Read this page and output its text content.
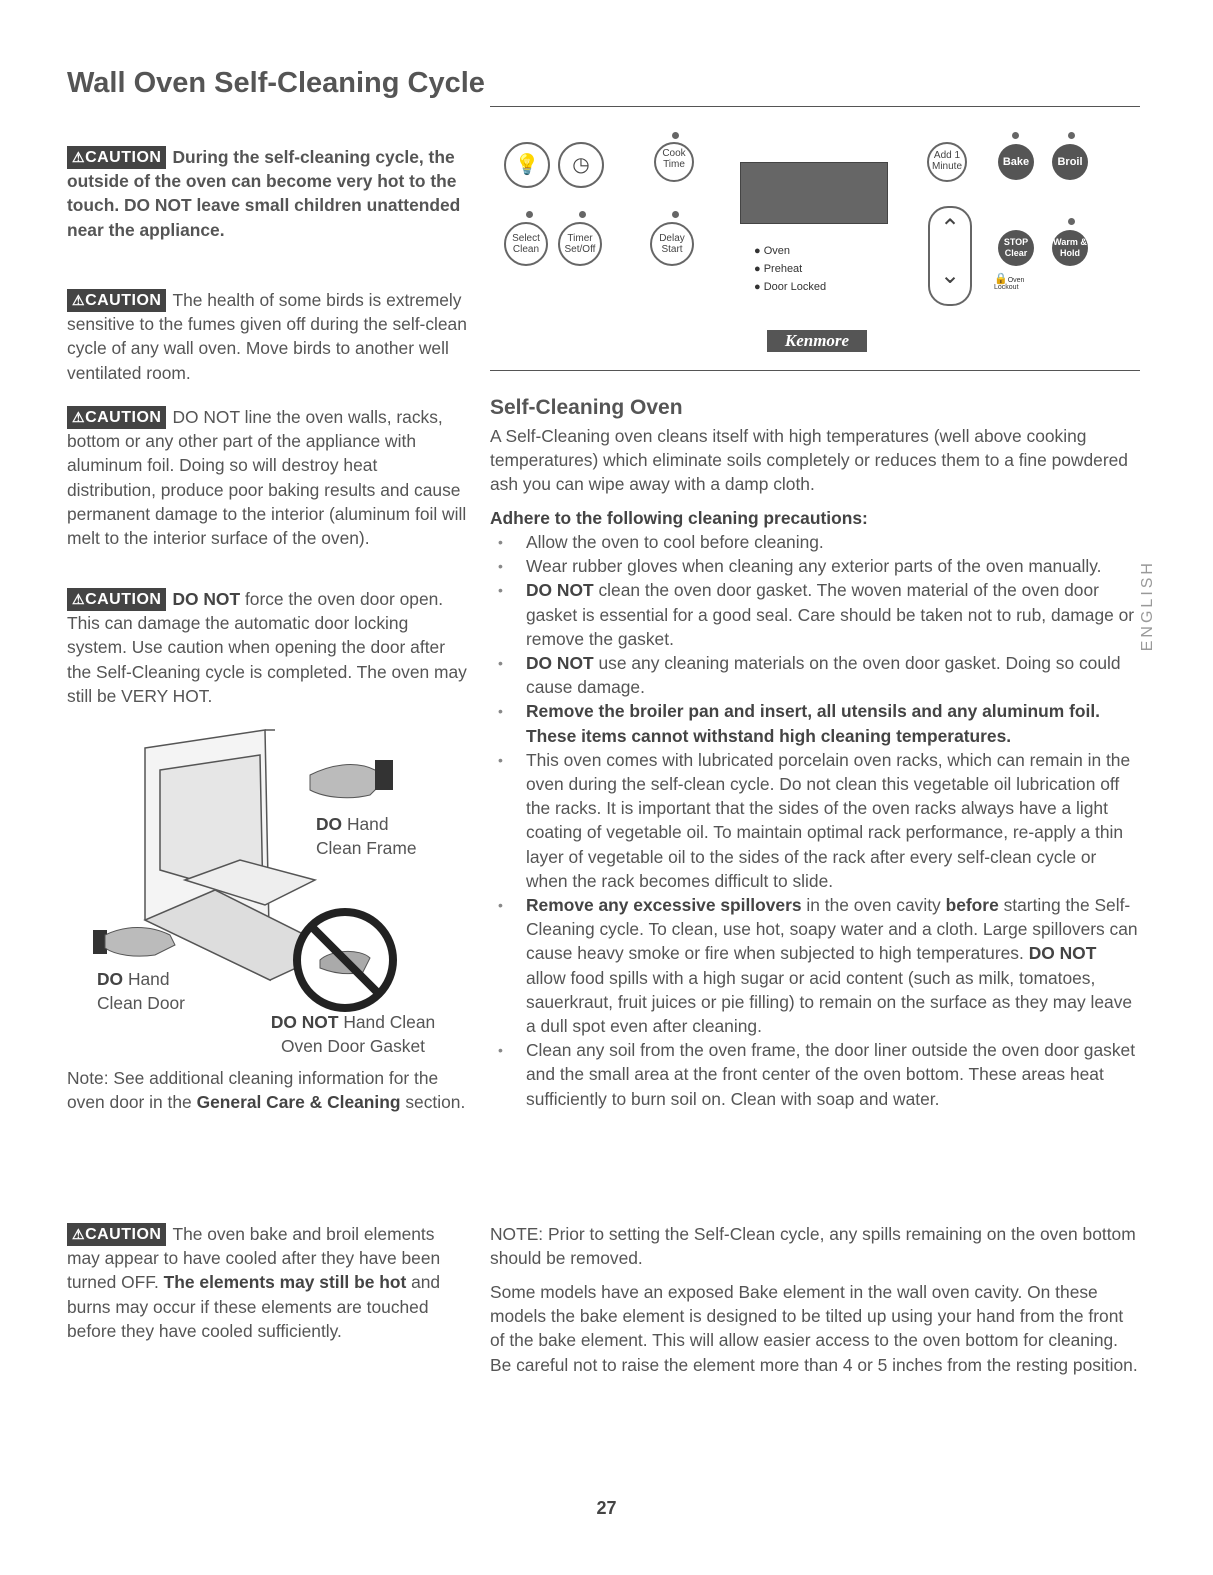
Wall Oven Self-Cleaning Cycle
⚠CAUTION During the self-cleaning cycle, the outside of the oven can become very hot to the touch. DO NOT leave small children unattended near the appliance.
⚠CAUTION The health of some birds is extremely sensitive to the fumes given off during the self-clean cycle of any wall oven. Move birds to another well ventilated room.
⚠CAUTION DO NOT line the oven walls, racks, bottom or any other part of the appliance with aluminum foil. Doing so will destroy heat distribution, produce poor baking results and cause permanent damage to the interior (aluminum foil will melt to the interior surface of the oven).
⚠CAUTION DO NOT force the oven door open. This can damage the automatic door locking system. Use caution when opening the door after the Self-Cleaning cycle is completed. The oven may still be VERY HOT.
DO Hand
Clean Frame
DO Hand
Clean Door
DO NOT Hand Clean
Oven Door Gasket
Note: See additional cleaning information for the oven door in the General Care & Cleaning section.
⚠CAUTION The oven bake and broil elements may appear to have cooled after they have been turned OFF. The elements may still be hot and burns may occur if these elements are touched before they have cooled sufficiently.
💡	◷
Cook
Time
Select
Clean
Timer
Set/Off
Delay
Start	● Oven
● Preheat
● Door Locked
Add 1
Minute	Bake	Broil
⌃
⌄
STOP
Clear
Warm &
Hold
🔒Oven
Lockout
Kenmore
Self-Cleaning Oven
A Self-Cleaning oven cleans itself with high temperatures (well above cooking temperatures) which eliminate soils completely or reduces them to a fine powdered ash you can wipe away with a damp cloth.
Adhere to the following cleaning precautions:
• Allow the oven to cool before cleaning.
• Wear rubber gloves when cleaning any exterior parts of the oven manually.
• DO NOT clean the oven door gasket. The woven material of the oven door gasket is essential for a good seal. Care should be taken not to rub, damage or remove the gasket.
• DO NOT use any cleaning materials on the oven door gasket. Doing so could cause damage.
• Remove the broiler pan and insert, all utensils and any aluminum foil. These items cannot withstand high cleaning temperatures.
• This oven comes with lubricated porcelain oven racks, which can remain in the oven during the self-clean cycle. Do not clean this vegetable oil lubrication off the racks. It is important that the sides of the oven racks always have a light coating of vegetable oil. To maintain optimal rack performance, re-apply a thin layer of vegetable oil to the sides of the rack after every self-clean cycle or when the rack becomes difficult to slide.
• Remove any excessive spillovers in the oven cavity before starting the Self-Cleaning cycle. To clean, use hot, soapy water and a cloth. Large spillovers can cause heavy smoke or fire when subjected to high temperatures. DO NOT allow food spills with a high sugar or acid content (such as milk, tomatoes, sauerkraut, fruit juices or pie filling) to remain on the surface as they may leave a dull spot even after cleaning.
• Clean any soil from the oven frame, the door liner outside the oven door gasket and the small area at the front center of the oven bottom. These areas heat sufficiently to burn soil on. Clean with soap and water.
NOTE: Prior to setting the Self-Clean cycle, any spills remaining on the oven bottom should be removed.
Some models have an exposed Bake element in the wall oven cavity. On these models the bake element is designed to be tilted up using your hand from the front of the bake element. This will allow easier access to the oven bottom for cleaning. Be careful not to raise the element more than 4 or 5 inches from the resting position.
ENGLISH
27
